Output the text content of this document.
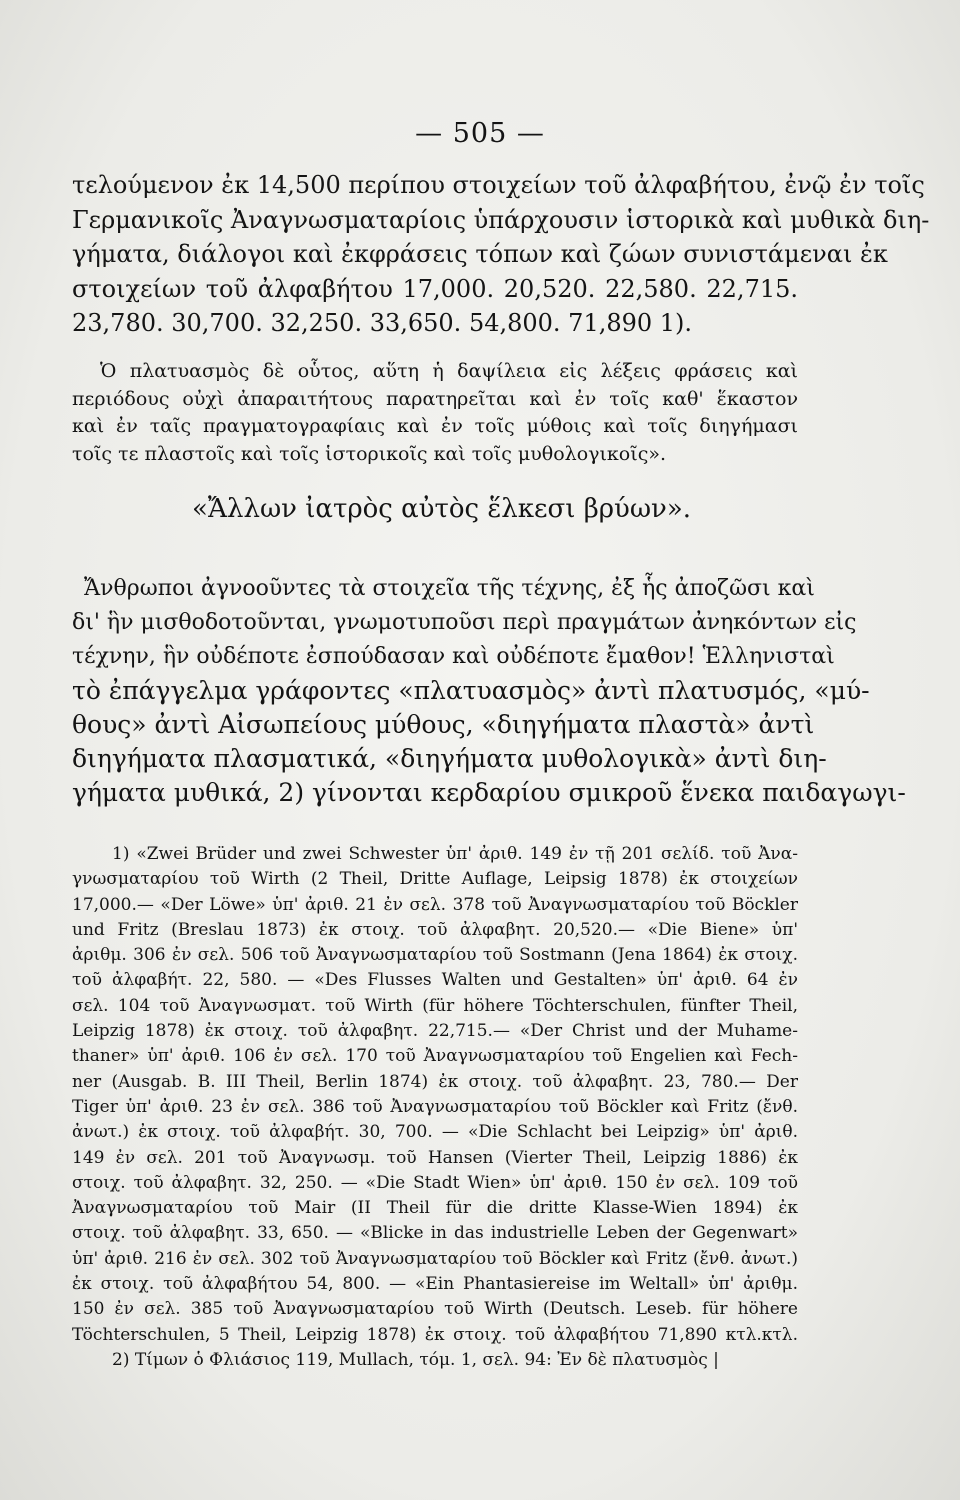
— 505 —
τελούμενον ἐκ 14,500 περίπου στοιχείων τοῦ ἀλφαβήτου, ἐνῷ ἐν τοῖς
Γερμανικοῖς Ἀναγνωσματαρίοις ὑπάρχουσιν ἱστορικὰ καὶ μυθικὰ διη-
γήματα, διάλογοι καὶ ἐκφράσεις τόπων καὶ ζώων συνιστάμεναι ἐκ
στοιχείων τοῦ ἀλφαβήτου 17,000. 20,520. 22,580. 22,715.
23,780. 30,700. 32,250. 33,650. 54,800. 71,890 1).
Ὁ πλατυασμὸς δὲ οὗτος, αὕτη ἡ δαψίλεια εἰς λέξεις φράσεις καὶ
περιόδους οὐχὶ ἀπαραιτήτους παρατηρεῖται καὶ ἐν τοῖς καθ' ἕκαστον
καὶ ἐν ταῖς πραγματογραφίαις καὶ ἐν τοῖς μύθοις καὶ τοῖς διηγήμασι
τοῖς τε πλαστοῖς καὶ τοῖς ἱστορικοῖς καὶ τοῖς μυθολογικοῖς».
«Ἄλλων ἰατρὸς αὐτὸς ἕλκεσι βρύων».
Ἄνθρωποι ἀγνοοῦντες τὰ στοιχεῖα τῆς τέχνης, ἐξ ἧς ἀποζῶσι καὶ
δι' ἣν μισθοδοτοῦνται, γνωμοτυποῦσι περὶ πραγμάτων ἀνηκόντων εἰς
τέχνην, ἣν οὐδέποτε ἐσπούδασαν καὶ οὐδέποτε ἔμαθον! Ἑλληνισταὶ
τὸ ἐπάγγελμα γράφοντες «πλατυασμὸς» ἀντὶ πλατυσμός, «μύ-
θους» ἀντὶ Αἰσωπείους μύθους, «διηγήματα πλαστὰ» ἀντὶ
διηγήματα πλασματικά, «διηγήματα μυθολογικὰ» ἀντὶ διη-
γήματα μυθικά, 2) γίνονται κερδαρίου σμικροῦ ἕνεκα παιδαγωγι-
1) «Zwei Brüder und zwei Schwester ὑπ' ἀριθ. 149 ἐν τῇ 201 σελίδ. τοῦ Ἀνα-
γνωσματαρίου τοῦ Wirth (2 Theil, Dritte Auflage, Leipsig 1878) ἐκ στοιχείων
17,000.— «Der Löwe» ὑπ' ἀριθ. 21 ἐν σελ. 378 τοῦ Ἀναγνωσματαρίου τοῦ Böckler
und Fritz (Breslau 1873) ἐκ στοιχ. τοῦ ἀλφαβητ. 20,520.— «Die Biene» ὑπ'
ἀριθμ. 306 ἐν σελ. 506 τοῦ Ἀναγνωσματαρίου τοῦ Sostmann (Jena 1864) ἐκ στοιχ.
τοῦ ἀλφαβήτ. 22, 580. — «Des Flusses Walten und Gestalten» ὑπ' ἀριθ. 64 ἐν
σελ. 104 τοῦ Ἀναγνωσματ. τοῦ Wirth (für höhere Töchterschulen, fünfter Theil,
Leipzig 1878) ἐκ στοιχ. τοῦ ἀλφαβητ. 22,715.— «Der Christ und der Muhame-
thaner» ὑπ' ἀριθ. 106 ἐν σελ. 170 τοῦ Ἀναγνωσματαρίου τοῦ Engelien καὶ Fech-
ner (Ausgab. B. III Theil, Berlin 1874) ἐκ στοιχ. τοῦ ἀλφαβητ. 23, 780.— Der
Tiger ὑπ' ἀριθ. 23 ἐν σελ. 386 τοῦ Ἀναγνωσματαρίου τοῦ Böckler καὶ Fritz (ἔνθ.
ἀνωτ.) ἐκ στοιχ. τοῦ ἀλφαβήτ. 30, 700. — «Die Schlacht bei Leipzig» ὑπ' ἀριθ.
149 ἐν σελ. 201 τοῦ Ἀναγνωσμ. τοῦ Hansen (Vierter Theil, Leipzig 1886) ἐκ
στοιχ. τοῦ ἀλφαβητ. 32, 250. — «Die Stadt Wien» ὑπ' ἀριθ. 150 ἐν σελ. 109 τοῦ
Ἀναγνωσματαρίου τοῦ Mair (II Theil für die dritte Klasse-Wien 1894) ἐκ
στοιχ. τοῦ ἀλφαβητ. 33, 650. — «Blicke in das industrielle Leben der Gegenwart»
ὑπ' ἀριθ. 216 ἐν σελ. 302 τοῦ Ἀναγνωσματαρίου τοῦ Böckler καὶ Fritz (ἔνθ. ἀνωτ.)
ἐκ στοιχ. τοῦ ἀλφαβήτου 54, 800. — «Ein Phantasiereise im Weltall» ὑπ' ἀριθμ.
150 ἐν σελ. 385 τοῦ Ἀναγνωσματαρίου τοῦ Wirth (Deutsch. Leseb. für höhere
Töchterschulen, 5 Theil, Leipzig 1878) ἐκ στοιχ. τοῦ ἀλφαβήτου 71,890 κτλ.κτλ.
2) Τίμων ὁ Φλιάσιος 119, Mullach, τόμ. 1, σελ. 94: Ἐν δὲ πλατυσμὸς |
